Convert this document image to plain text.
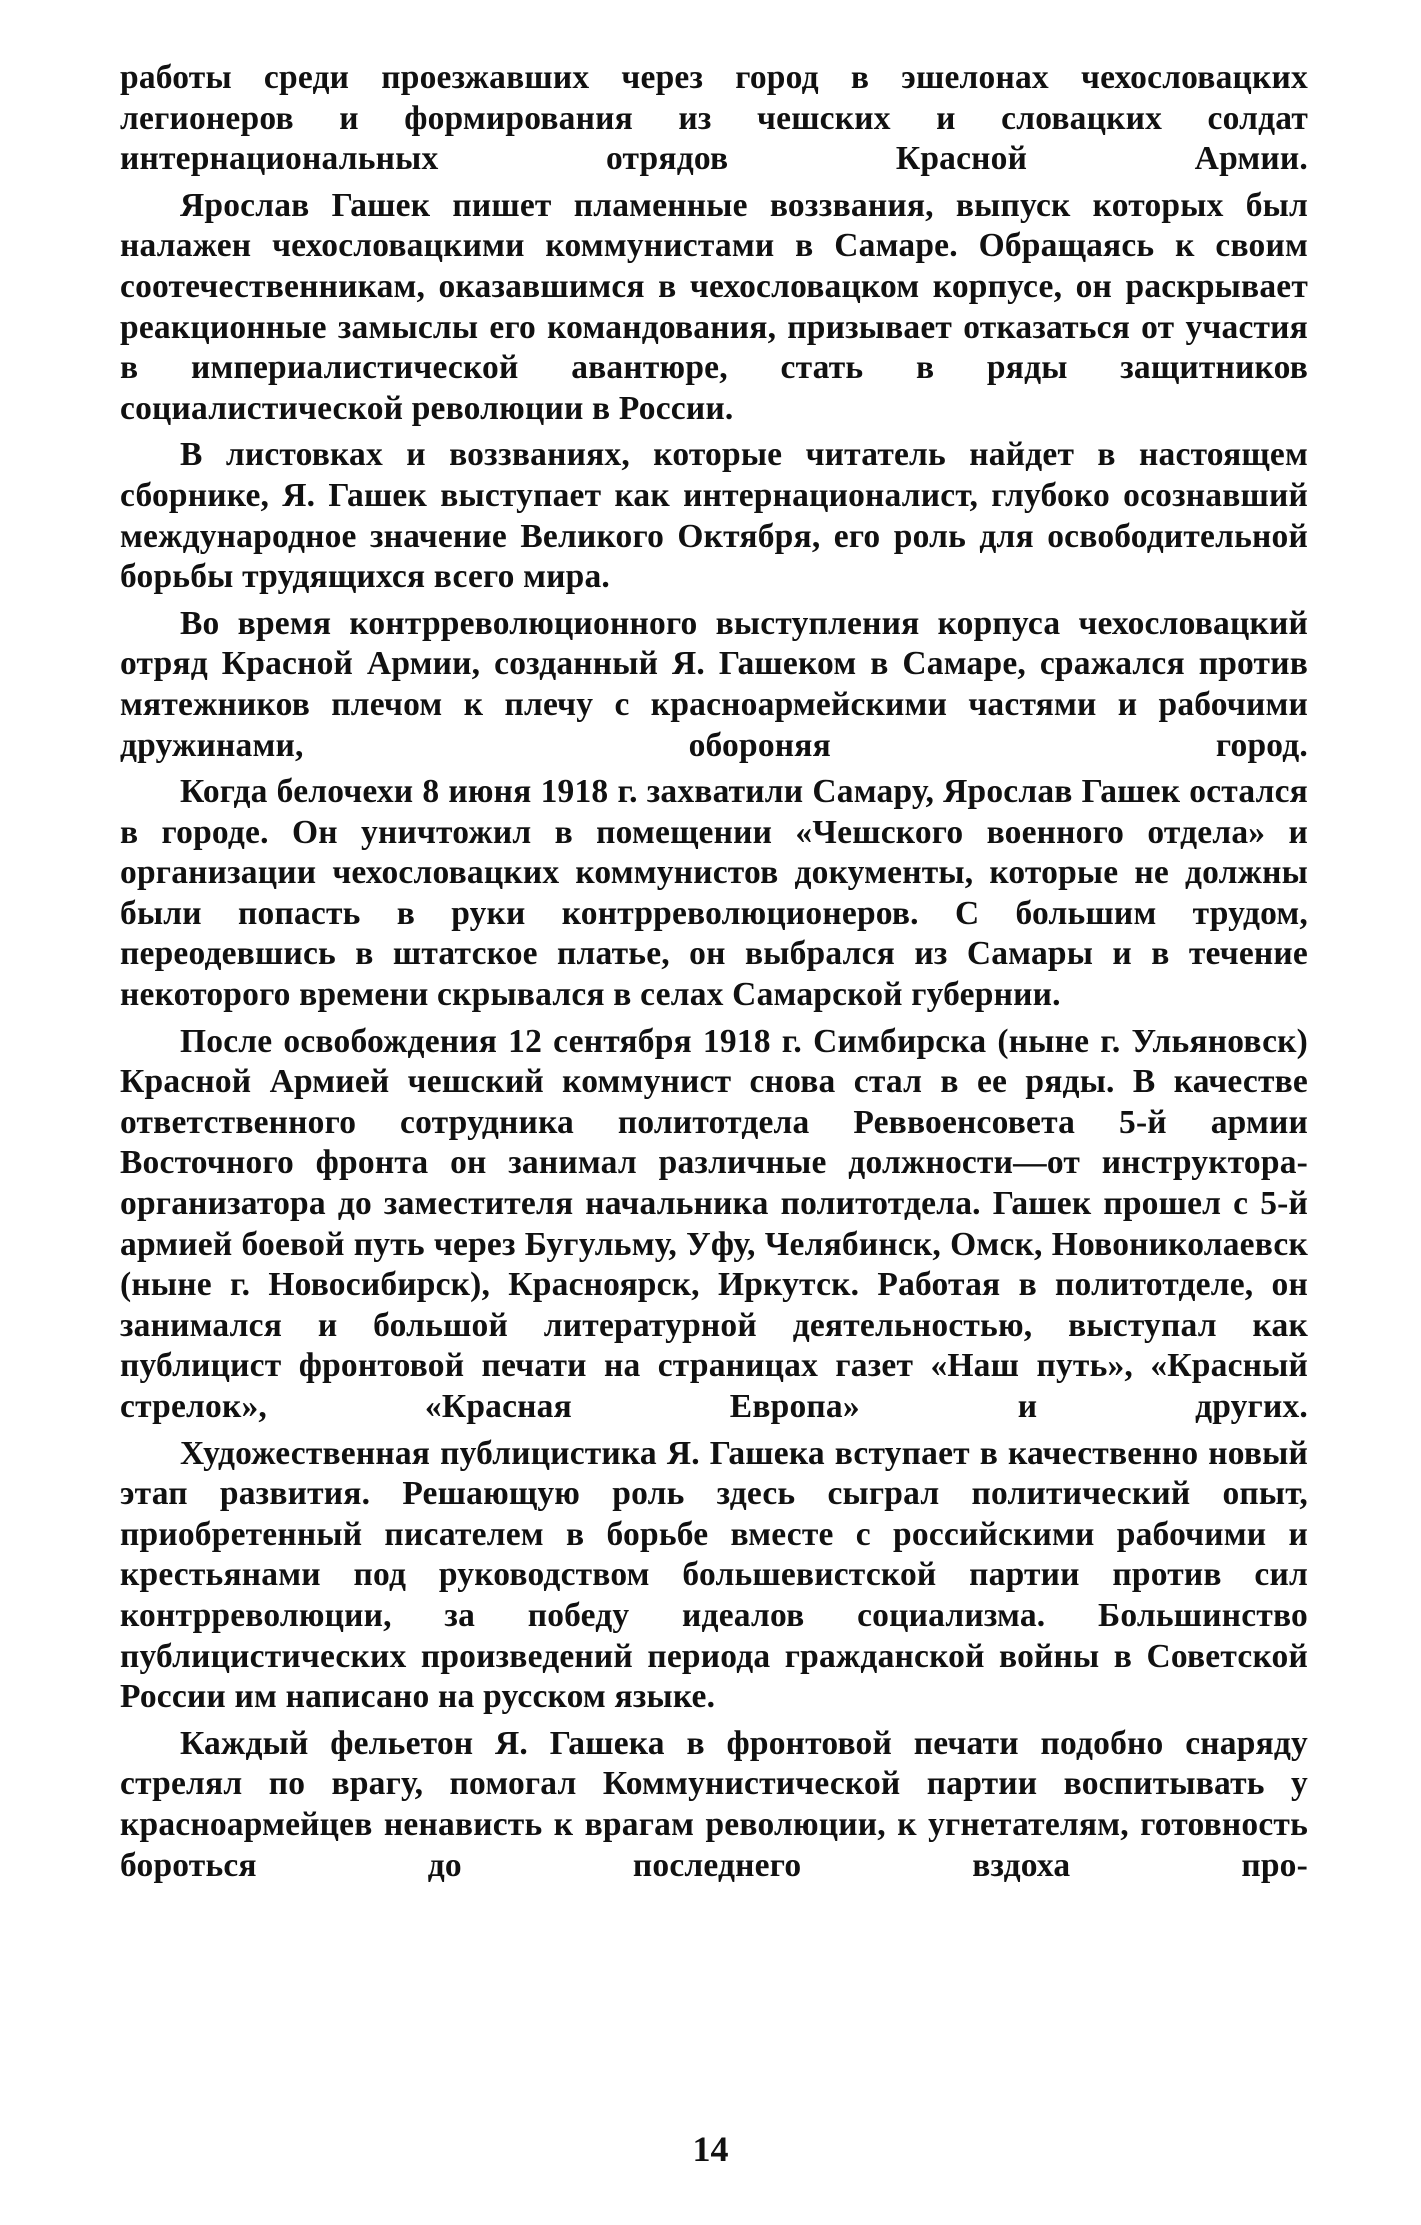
работы среди проезжавших через город в эшелонах чехословацких легионеров и формирования из чешских и словацких солдат интернациональных отрядов Красной Армии.

Ярослав Гашек пишет пламенные воззвания, выпуск которых был налажен чехословацкими коммунистами в Самаре. Обращаясь к своим соотечественникам, оказавшимся в чехословацком корпусе, он раскрывает реакционные замыслы его командования, призывает отказаться от участия в империалистической авантюре, стать в ряды защитников социалистической революции в России.

В листовках и воззваниях, которые читатель найдет в настоящем сборнике, Я. Гашек выступает как интернационалист, глубоко осознавший международное значение Великого Октября, его роль для освободительной борьбы трудящихся всего мира.

Во время контрреволюционного выступления корпуса чехословацкий отряд Красной Армии, созданный Я. Гашеком в Самаре, сражался против мятежников плечом к плечу с красноармейскими частями и рабочими дружинами, обороняя город.

Когда белочехи 8 июня 1918 г. захватили Самару, Ярослав Гашек остался в городе. Он уничтожил в помещении «Чешского военного отдела» и организации чехословацких коммунистов документы, которые не должны были попасть в руки контрреволюционеров. С большим трудом, переодевшись в штатское платье, он выбрался из Самары и в течение некоторого времени скрывался в селах Самарской губернии.

После освобождения 12 сентября 1918 г. Симбирска (ныне г. Ульяновск) Красной Армией чешский коммунист снова стал в ее ряды. В качестве ответственного сотрудника политотдела Реввоенсовета 5-й армии Восточного фронта он занимал различные должности—от инструктора-организатора до заместителя начальника политотдела. Гашек прошел с 5-й армией боевой путь через Бугульму, Уфу, Челябинск, Омск, Новониколаевск (ныне г. Новосибирск), Красноярск, Иркутск. Работая в политотделе, он занимался и большой литературной деятельностью, выступал как публицист фронтовой печати на страницах газет «Наш путь», «Красный стрелок», «Красная Европа» и других.

Художественная публицистика Я. Гашека вступает в качественно новый этап развития. Решающую роль здесь сыграл политический опыт, приобретенный писателем в борьбе вместе с российскими рабочими и крестьянами под руководством большевистской партии против сил контрреволюции, за победу идеалов социализма. Большинство публицистических произведений периода гражданской войны в Советской России им написано на русском языке.

Каждый фельетон Я. Гашека в фронтовой печати подобно снаряду стрелял по врагу, помогал Коммунистической партии воспитывать у красноармейцев ненависть к врагам революции, к угнетателям, готовность бороться до последнего вздоха про-

14
